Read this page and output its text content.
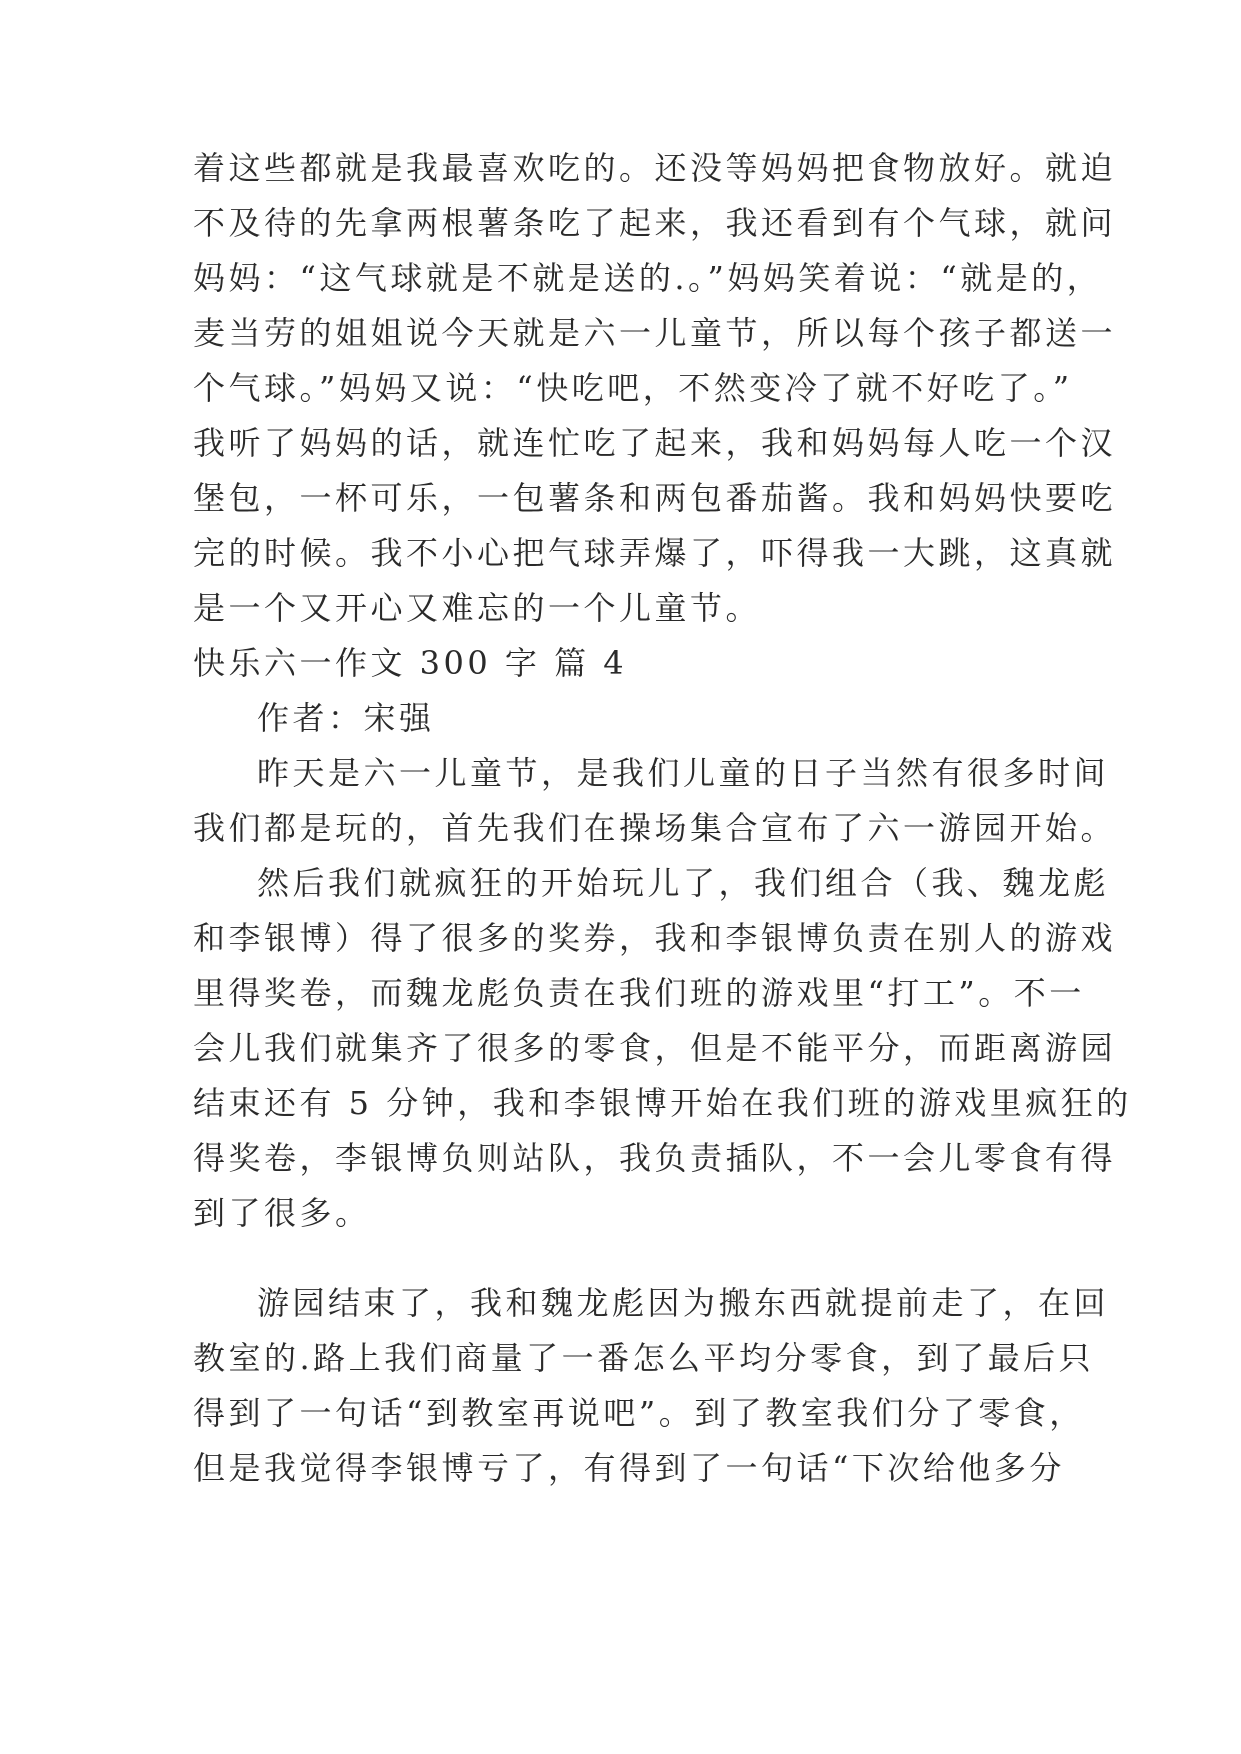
着这些都就是我最喜欢吃的。还没等妈妈把食物放好。就迫
不及待的先拿两根薯条吃了起来，我还看到有个气球，就问
妈妈：“这气球就是不就是送的.。”妈妈笑着说：“就是的，
麦当劳的姐姐说今天就是六一儿童节，所以每个孩子都送一
个气球。”妈妈又说：“快吃吧，不然变冷了就不好吃了。”
我听了妈妈的话，就连忙吃了起来，我和妈妈每人吃一个汉
堡包，一杯可乐，一包薯条和两包番茄酱。我和妈妈快要吃
完的时候。我不小心把气球弄爆了，吓得我一大跳，这真就
是一个又开心又难忘的一个儿童节。
快乐六一作文 300 字 篇 4
作者：宋强
昨天是六一儿童节，是我们儿童的日子当然有很多时间
我们都是玩的，首先我们在操场集合宣布了六一游园开始。
然后我们就疯狂的开始玩儿了，我们组合（我、魏龙彪
和李银博）得了很多的奖券，我和李银博负责在别人的游戏
里得奖卷，而魏龙彪负责在我们班的游戏里“打工”。不一
会儿我们就集齐了很多的零食，但是不能平分，而距离游园
结束还有 5 分钟，我和李银博开始在我们班的游戏里疯狂的
得奖卷，李银博负则站队，我负责插队，不一会儿零食有得
到了很多。
游园结束了，我和魏龙彪因为搬东西就提前走了，在回
教室的.路上我们商量了一番怎么平均分零食，到了最后只
得到了一句话“到教室再说吧”。到了教室我们分了零食，
但是我觉得李银博亏了，有得到了一句话“下次给他多分
